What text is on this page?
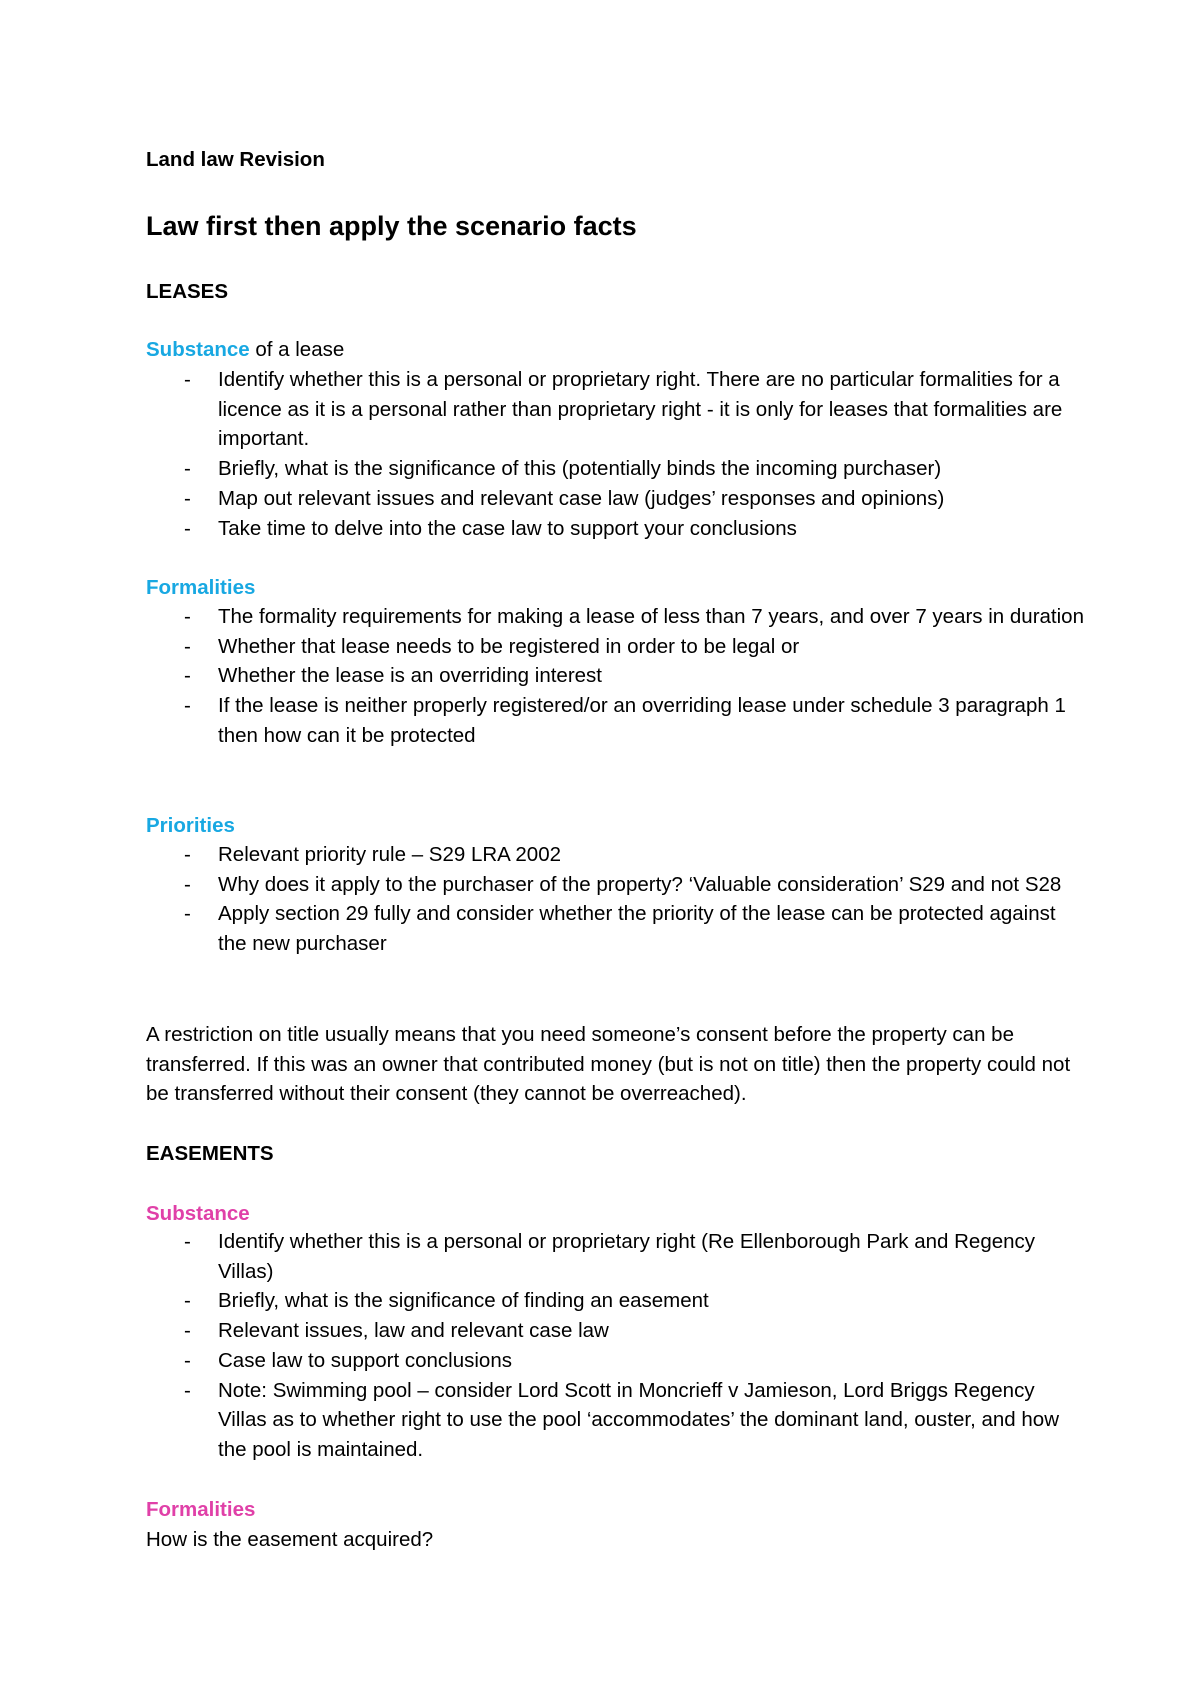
Land law Revision
Law first then apply the scenario facts
LEASES
Substance of a lease
- Identify whether this is a personal or proprietary right. There are no particular formalities for a licence as it is a personal rather than proprietary right - it is only for leases that formalities are important.
- Briefly, what is the significance of this (potentially binds the incoming purchaser)
- Map out relevant issues and relevant case law (judges’ responses and opinions)
- Take time to delve into the case law to support your conclusions
Formalities
- The formality requirements for making a lease of less than 7 years, and over 7 years in duration
- Whether that lease needs to be registered in order to be legal or
- Whether the lease is an overriding interest
- If the lease is neither properly registered/or an overriding lease under schedule 3 paragraph 1 then how can it be protected
Priorities
- Relevant priority rule – S29 LRA 2002
- Why does it apply to the purchaser of the property? ‘Valuable consideration’ S29 and not S28
- Apply section 29 fully and consider whether the priority of the lease can be protected against the new purchaser

A restriction on title usually means that you need someone’s consent before the property can be transferred. If this was an owner that contributed money (but is not on title) then the property could not be transferred without their consent (they cannot be overreached).

EASEMENTS
Substance
- Identify whether this is a personal or proprietary right (Re Ellenborough Park and Regency Villas)
- Briefly, what is the significance of finding an easement
- Relevant issues, law and relevant case law
- Case law to support conclusions
- Note: Swimming pool – consider Lord Scott in Moncrieff v Jamieson, Lord Briggs Regency Villas as to whether right to use the pool ‘accommodates’ the dominant land, ouster, and how the pool is maintained.
Formalities
How is the easement acquired?
